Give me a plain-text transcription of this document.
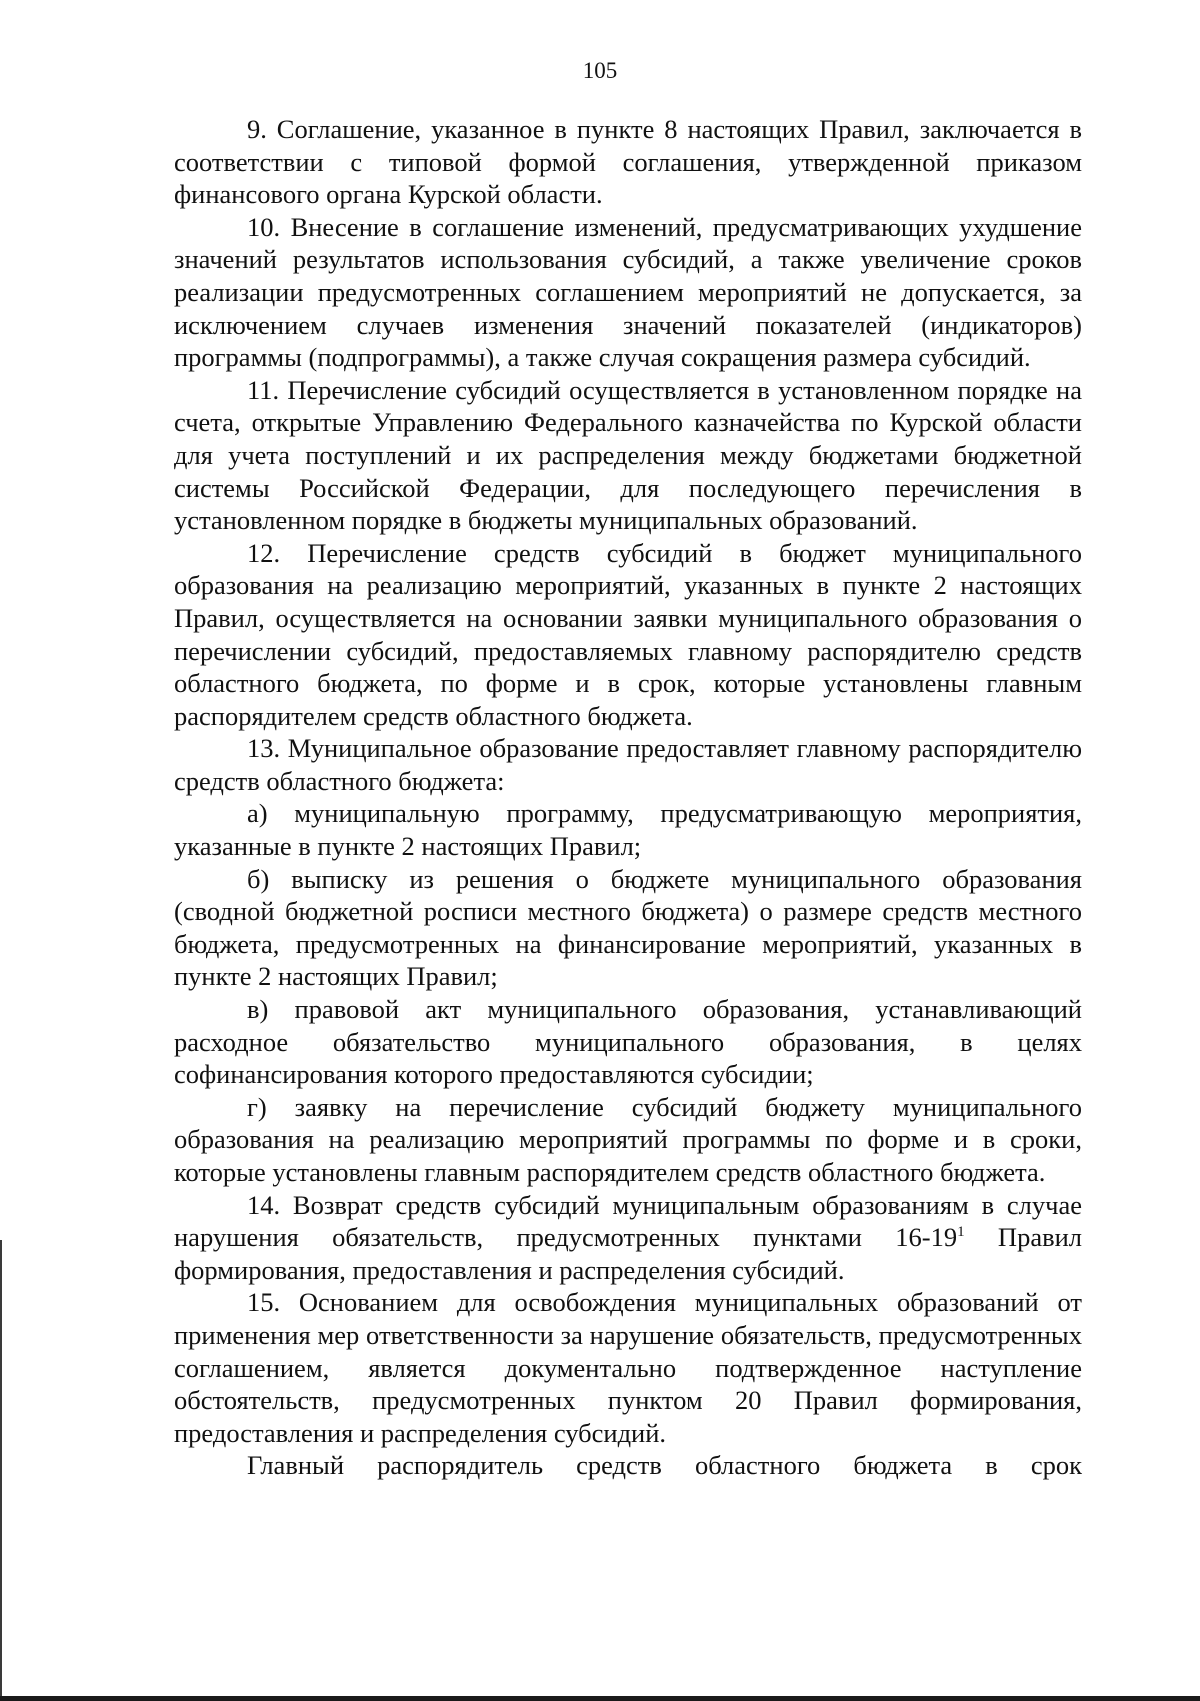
105

9. Соглашение, указанное в пункте 8 настоящих Правил, заключается в соответствии с типовой формой соглашения, утвержденной приказом финансового органа Курской области.

10. Внесение в соглашение изменений, предусматривающих ухудшение значений результатов использования субсидий, а также увеличение сроков реализации предусмотренных соглашением мероприятий не допускается, за исключением случаев изменения значений показателей (индикаторов) программы (подпрограммы), а также случая сокращения размера субсидий.

11. Перечисление субсидий осуществляется в установленном порядке на счета, открытые Управлению Федерального казначейства по Курской области для учета поступлений и их распределения между бюджетами бюджетной системы Российской Федерации, для последующего перечисления в установленном порядке в бюджеты муниципальных образований.

12. Перечисление средств субсидий в бюджет муниципального образования на реализацию мероприятий, указанных в пункте 2 настоящих Правил, осуществляется на основании заявки муниципального образования о перечислении субсидий, предоставляемых главному распорядителю средств областного бюджета, по форме и в срок, которые установлены главным распорядителем средств областного бюджета.

13. Муниципальное образование предоставляет главному распорядителю средств областного бюджета:

а) муниципальную программу, предусматривающую мероприятия, указанные в пункте 2 настоящих Правил;

б) выписку из решения о бюджете муниципального образования (сводной бюджетной росписи местного бюджета) о размере средств местного бюджета, предусмотренных на финансирование мероприятий, указанных в пункте 2 настоящих Правил;

в) правовой акт муниципального образования, устанавливающий расходное обязательство муниципального образования, в целях софинансирования которого предоставляются субсидии;

г) заявку на перечисление субсидий бюджету муниципального образования на реализацию мероприятий программы по форме и в сроки, которые установлены главным распорядителем средств областного бюджета.

14. Возврат средств субсидий муниципальным образованиям в случае нарушения обязательств, предусмотренных пунктами $16-19^1$ Правил формирования, предоставления и распределения субсидий.

15. Основанием для освобождения муниципальных образований от применения мер ответственности за нарушение обязательств, предусмотренных соглашением, является документально подтвержденное наступление обстоятельств, предусмотренных пунктом 20 Правил формирования, предоставления и распределения субсидий.

Главный распорядитель средств областного бюджета в срок
